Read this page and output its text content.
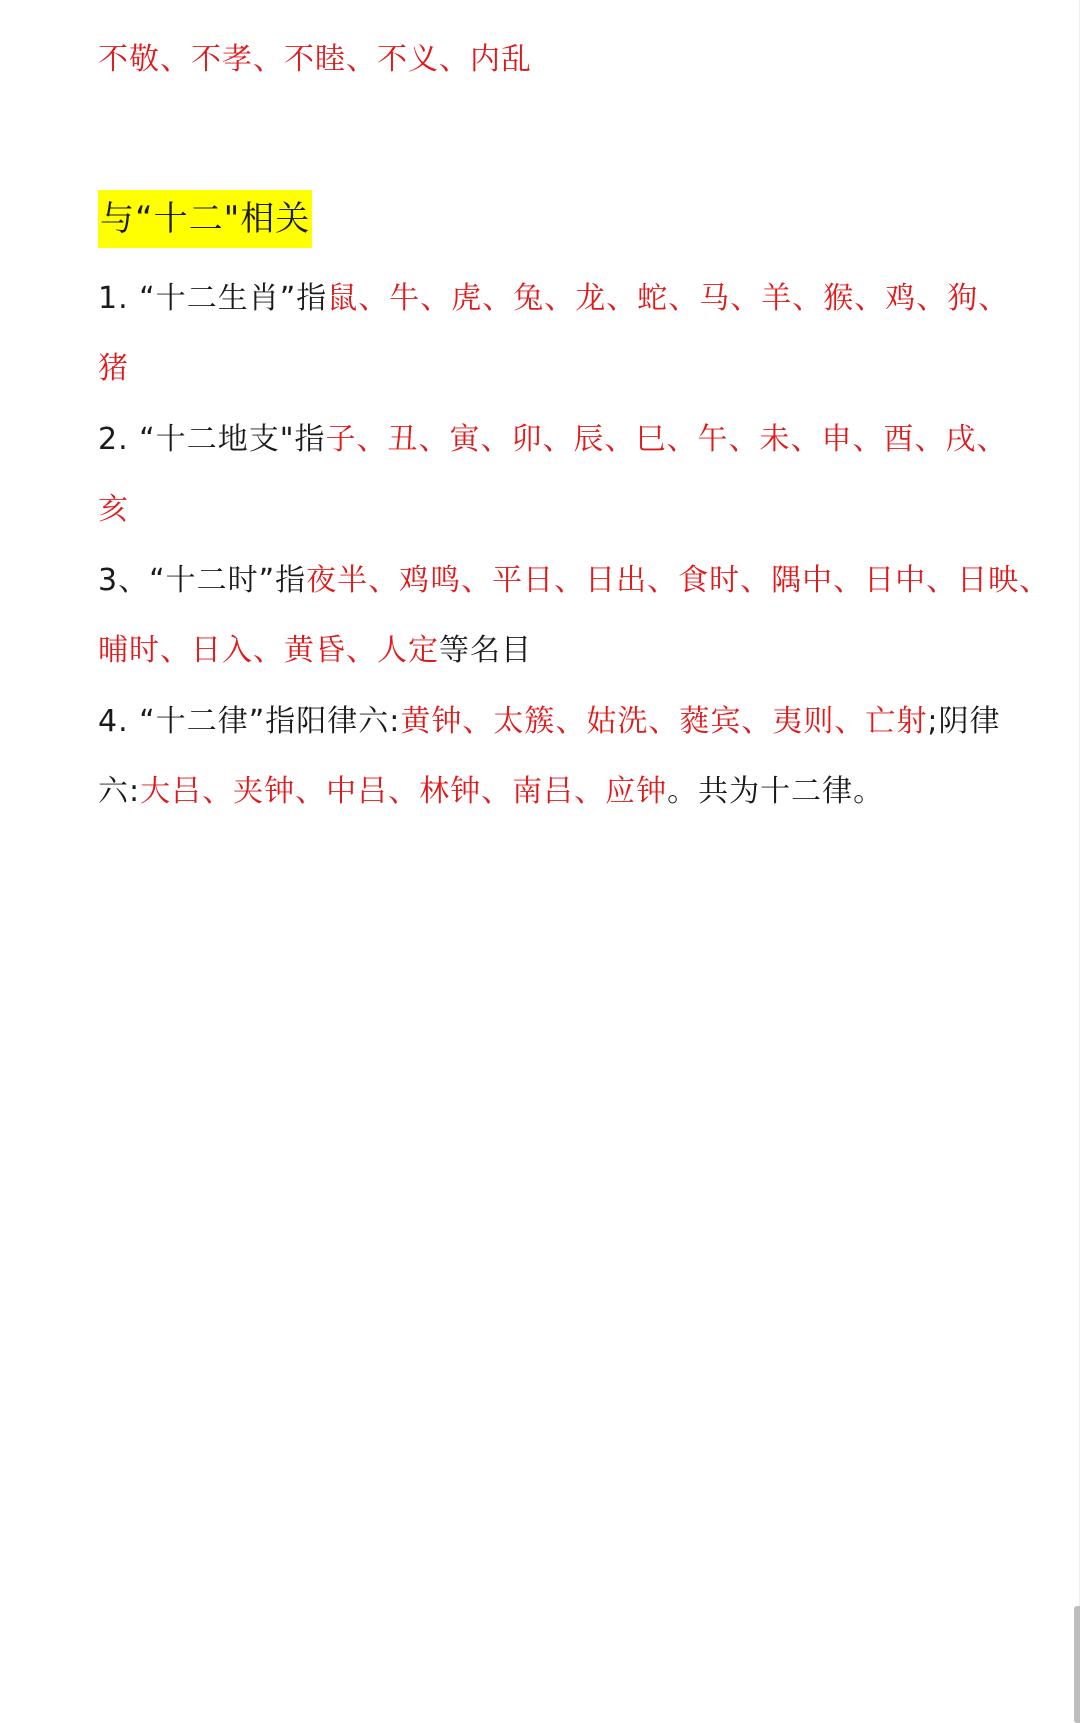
不敬、不孝、不睦、不义、内乱
与“十二"相关
1. “十二生肖”指鼠、牛、虎、兔、龙、蛇、马、羊、猴、鸡、狗、
猪
2. “十二地支"指子、丑、寅、卯、辰、巳、午、未、申、酉、戌、
亥
3、“十二时”指夜半、鸡鸣、平日、日出、食时、隅中、日中、日映、
晡时、日入、黄昏、人定等名目
4. “十二律”指阳律六:黄钟、太簇、姑洗、蕤宾、夷则、亡射;阴律
六:大吕、夹钟、中吕、林钟、南吕、应钟。共为十二律。
